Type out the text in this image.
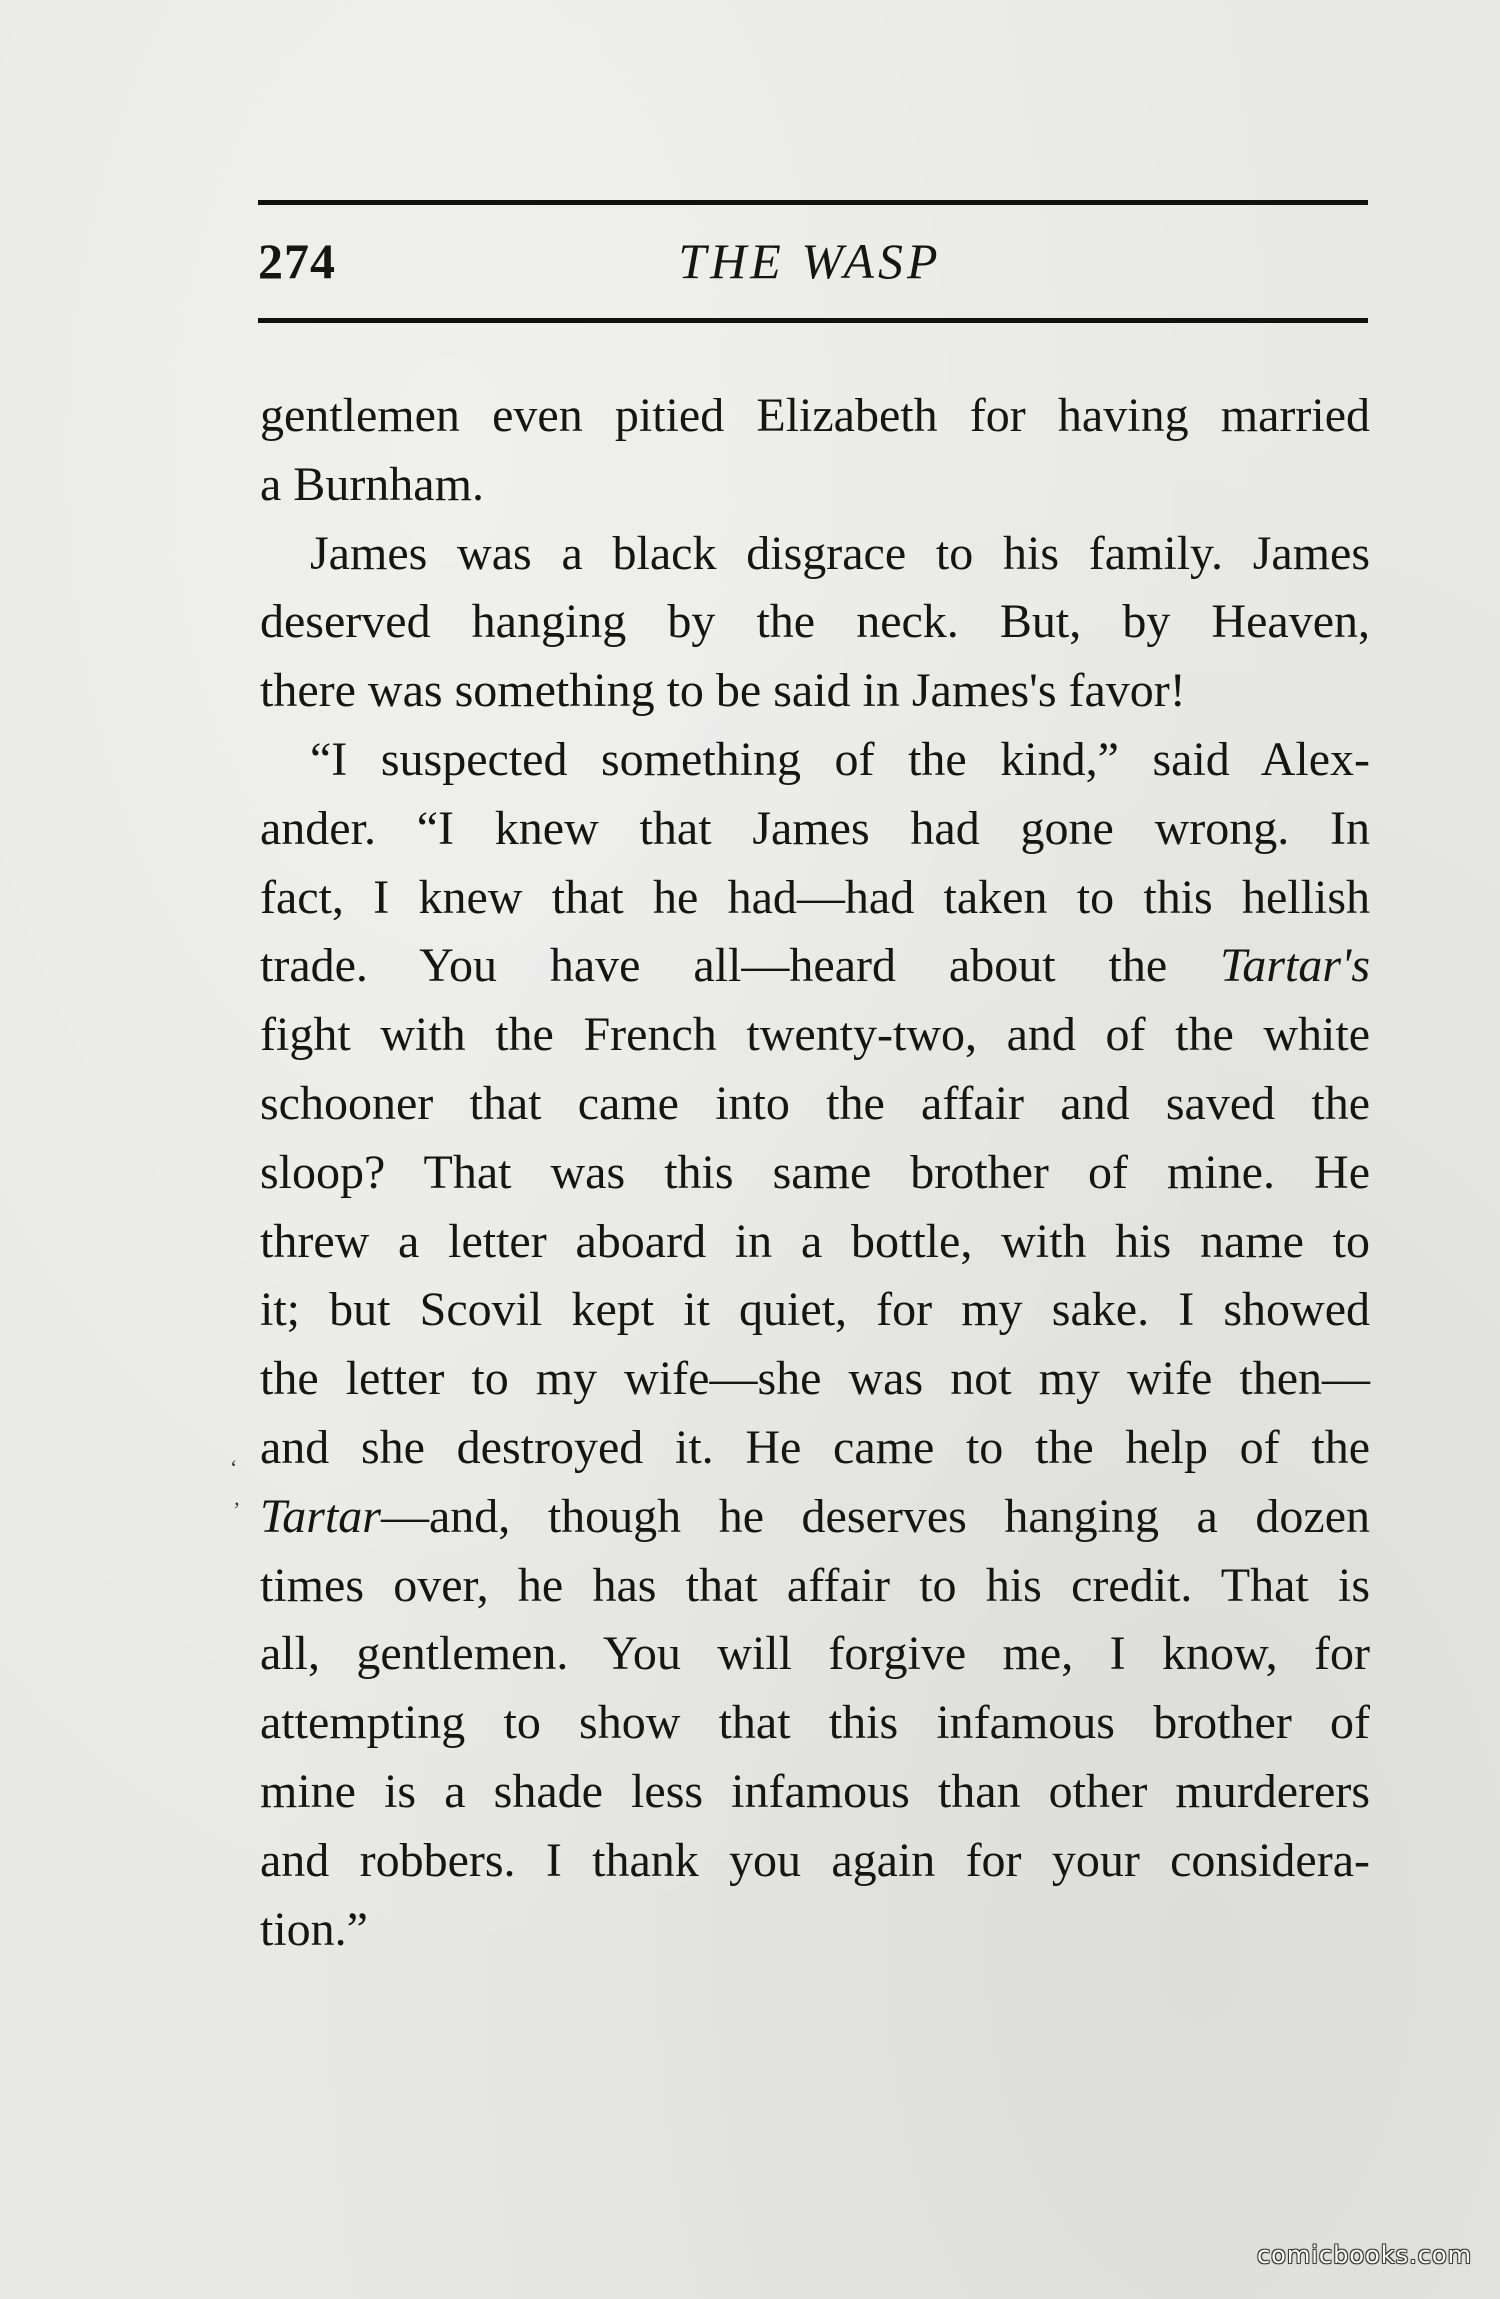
274	THE WASP
gentlemen even pitied Elizabeth for having married
a Burnham.
James was a black disgrace to his family. James
deserved hanging by the neck. But, by Heaven,
there was something to be said in James's favor!
“I suspected something of the kind,” said Alex-
ander. “I knew that James had gone wrong. In
fact, I knew that he had—had taken to this hellish
trade. You have all—heard about the Tartar's
fight with the French twenty-two, and of the white
schooner that came into the affair and saved the
sloop? That was this same brother of mine. He
threw a letter aboard in a bottle, with his name to
it; but Scovil kept it quiet, for my sake. I showed
the letter to my wife—she was not my wife then—
and she destroyed it. He came to the help of the
Tartar—and, though he deserves hanging a dozen
times over, he has that affair to his credit. That is
all, gentlemen. You will forgive me, I know, for
attempting to show that this infamous brother of
mine is a shade less infamous than other murderers
and robbers. I thank you again for your considera-
tion.”
‘
’
comicbooks.com
